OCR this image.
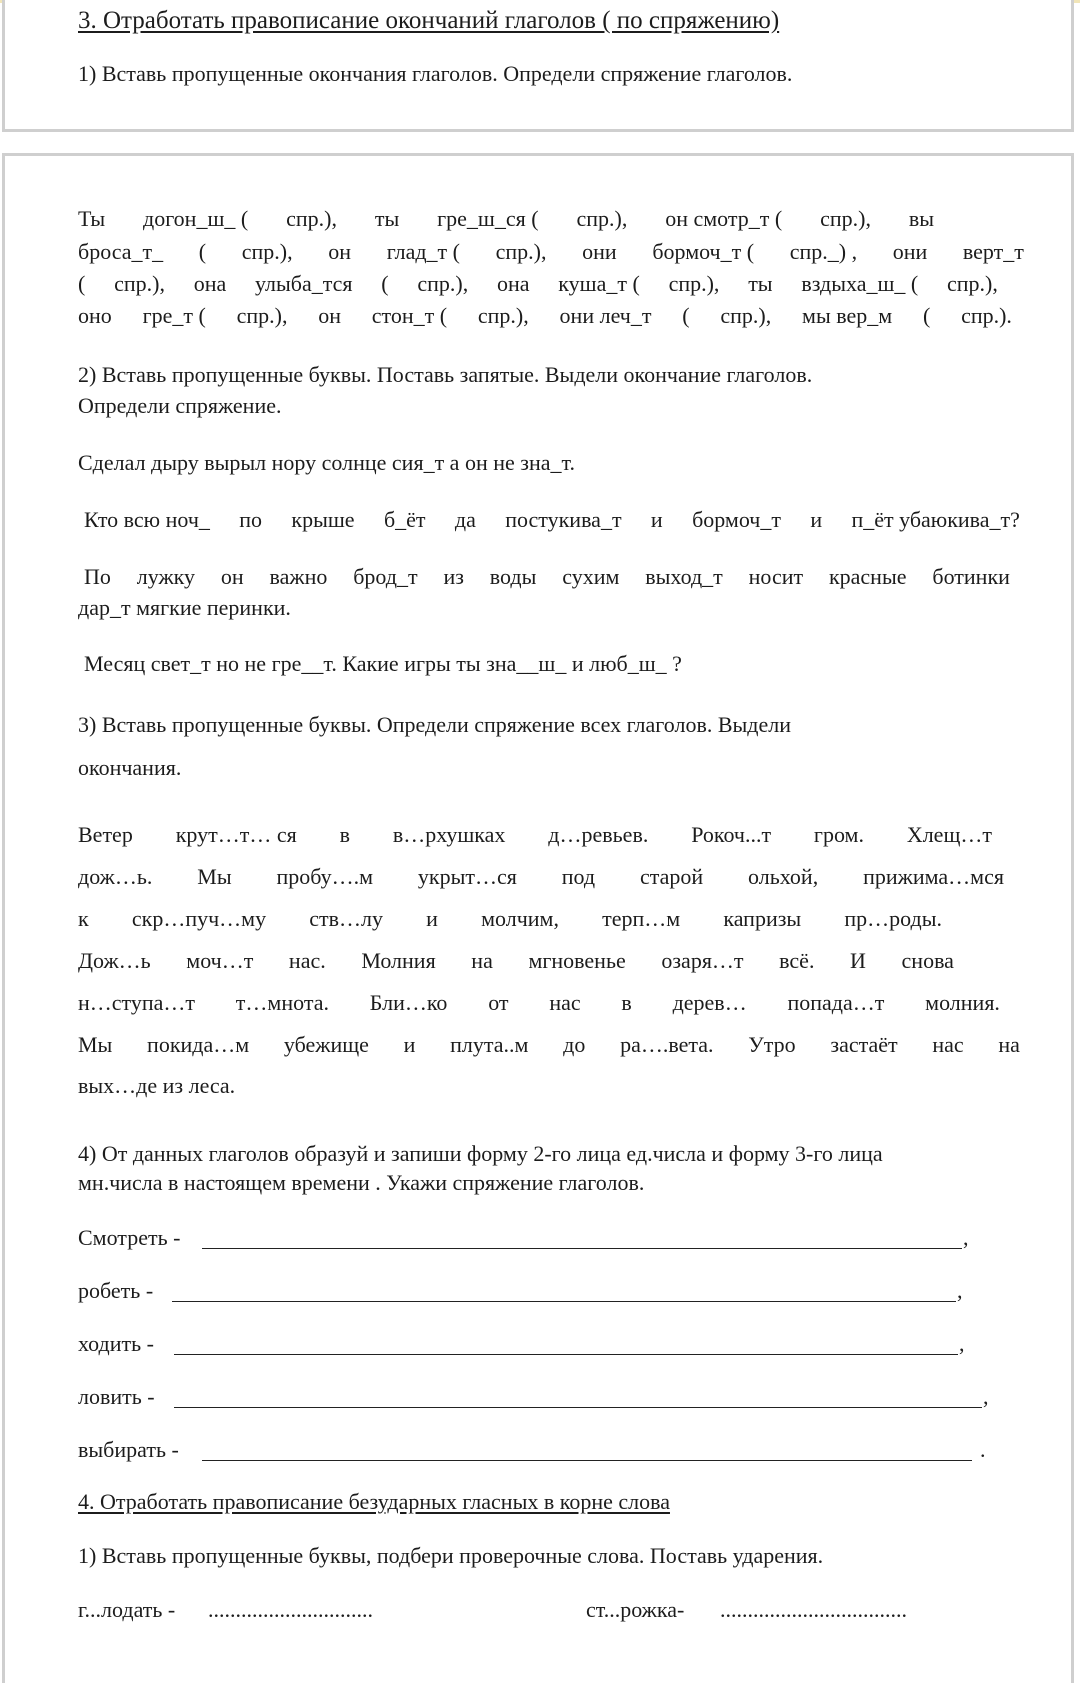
3. Отработать правописание окончаний глаголов ( по спряжению)
1) Вставь пропущенные окончания глаголов. Определи спряжение глаголов.
Ты догон_ш_ ( спр.), ты гре_ш_ся ( спр.), он смотр_т ( спр.), вы
броса_т_ ( спр.), он глад_т ( спр.), они бормоч_т ( спр._) , они верт_т
( спр.), она улыба_тся ( спр.), она куша_т ( спр.), ты вздыха_ш_ ( спр.),
оно гре_т ( спр.), он стон_т ( спр.), они леч_т ( спр.), мы вер_м ( спр.).
2) Вставь пропущенные буквы. Поставь запятые. Выдели окончание глаголов.
Определи спряжение.
Сделал дыру вырыл нору солнце сия_т а он не зна_т.
Кто всю ноч_ по крыше б_ёт да постукива_т и бормоч_т и п_ёт убаюкива_т?
По лужку он важно брод_т из воды сухим выход_т носит красные ботинки
дар_т мягкие перинки.
Месяц свет_т но не гре__т. Какие игры ты зна__ш_ и люб_ш_ ?
3) Вставь пропущенные буквы. Определи спряжение всех глаголов. Выдели
окончания.
Ветер крут…т… ся в в…рхушках д…ревьев. Рокоч...т гром. Хлещ…т
дож…ь. Мы пробу….м укрыт…ся под старой ольхой, прижима…мся
к скр…пуч…му ств…лу и молчим, терп…м капризы пр…роды.
Дож…ь моч…т нас. Молния на мгновенье озаря…т всё. И снова
н…ступа…т т…мнота. Бли…ко от нас в дерев… попада…т молния.
Мы покида…м убежище и плута..м до ра….вета. Утро застаёт нас на
вых…де из леса.
4) От данных глаголов образуй и запиши форму 2-го лица ед.числа и форму 3-го лица
мн.числа в настоящем времени . Укажи спряжение глаголов.
Смотреть -	,
робеть -	,
ходить -	,
ловить -	,
выбирать -	.
4. Отработать правописание безударных гласных в корне слова
1) Вставь пропущенные буквы, подбери проверочные слова. Поставь ударения.
г...лодать - ..............................	ст...рожка- ..................................
